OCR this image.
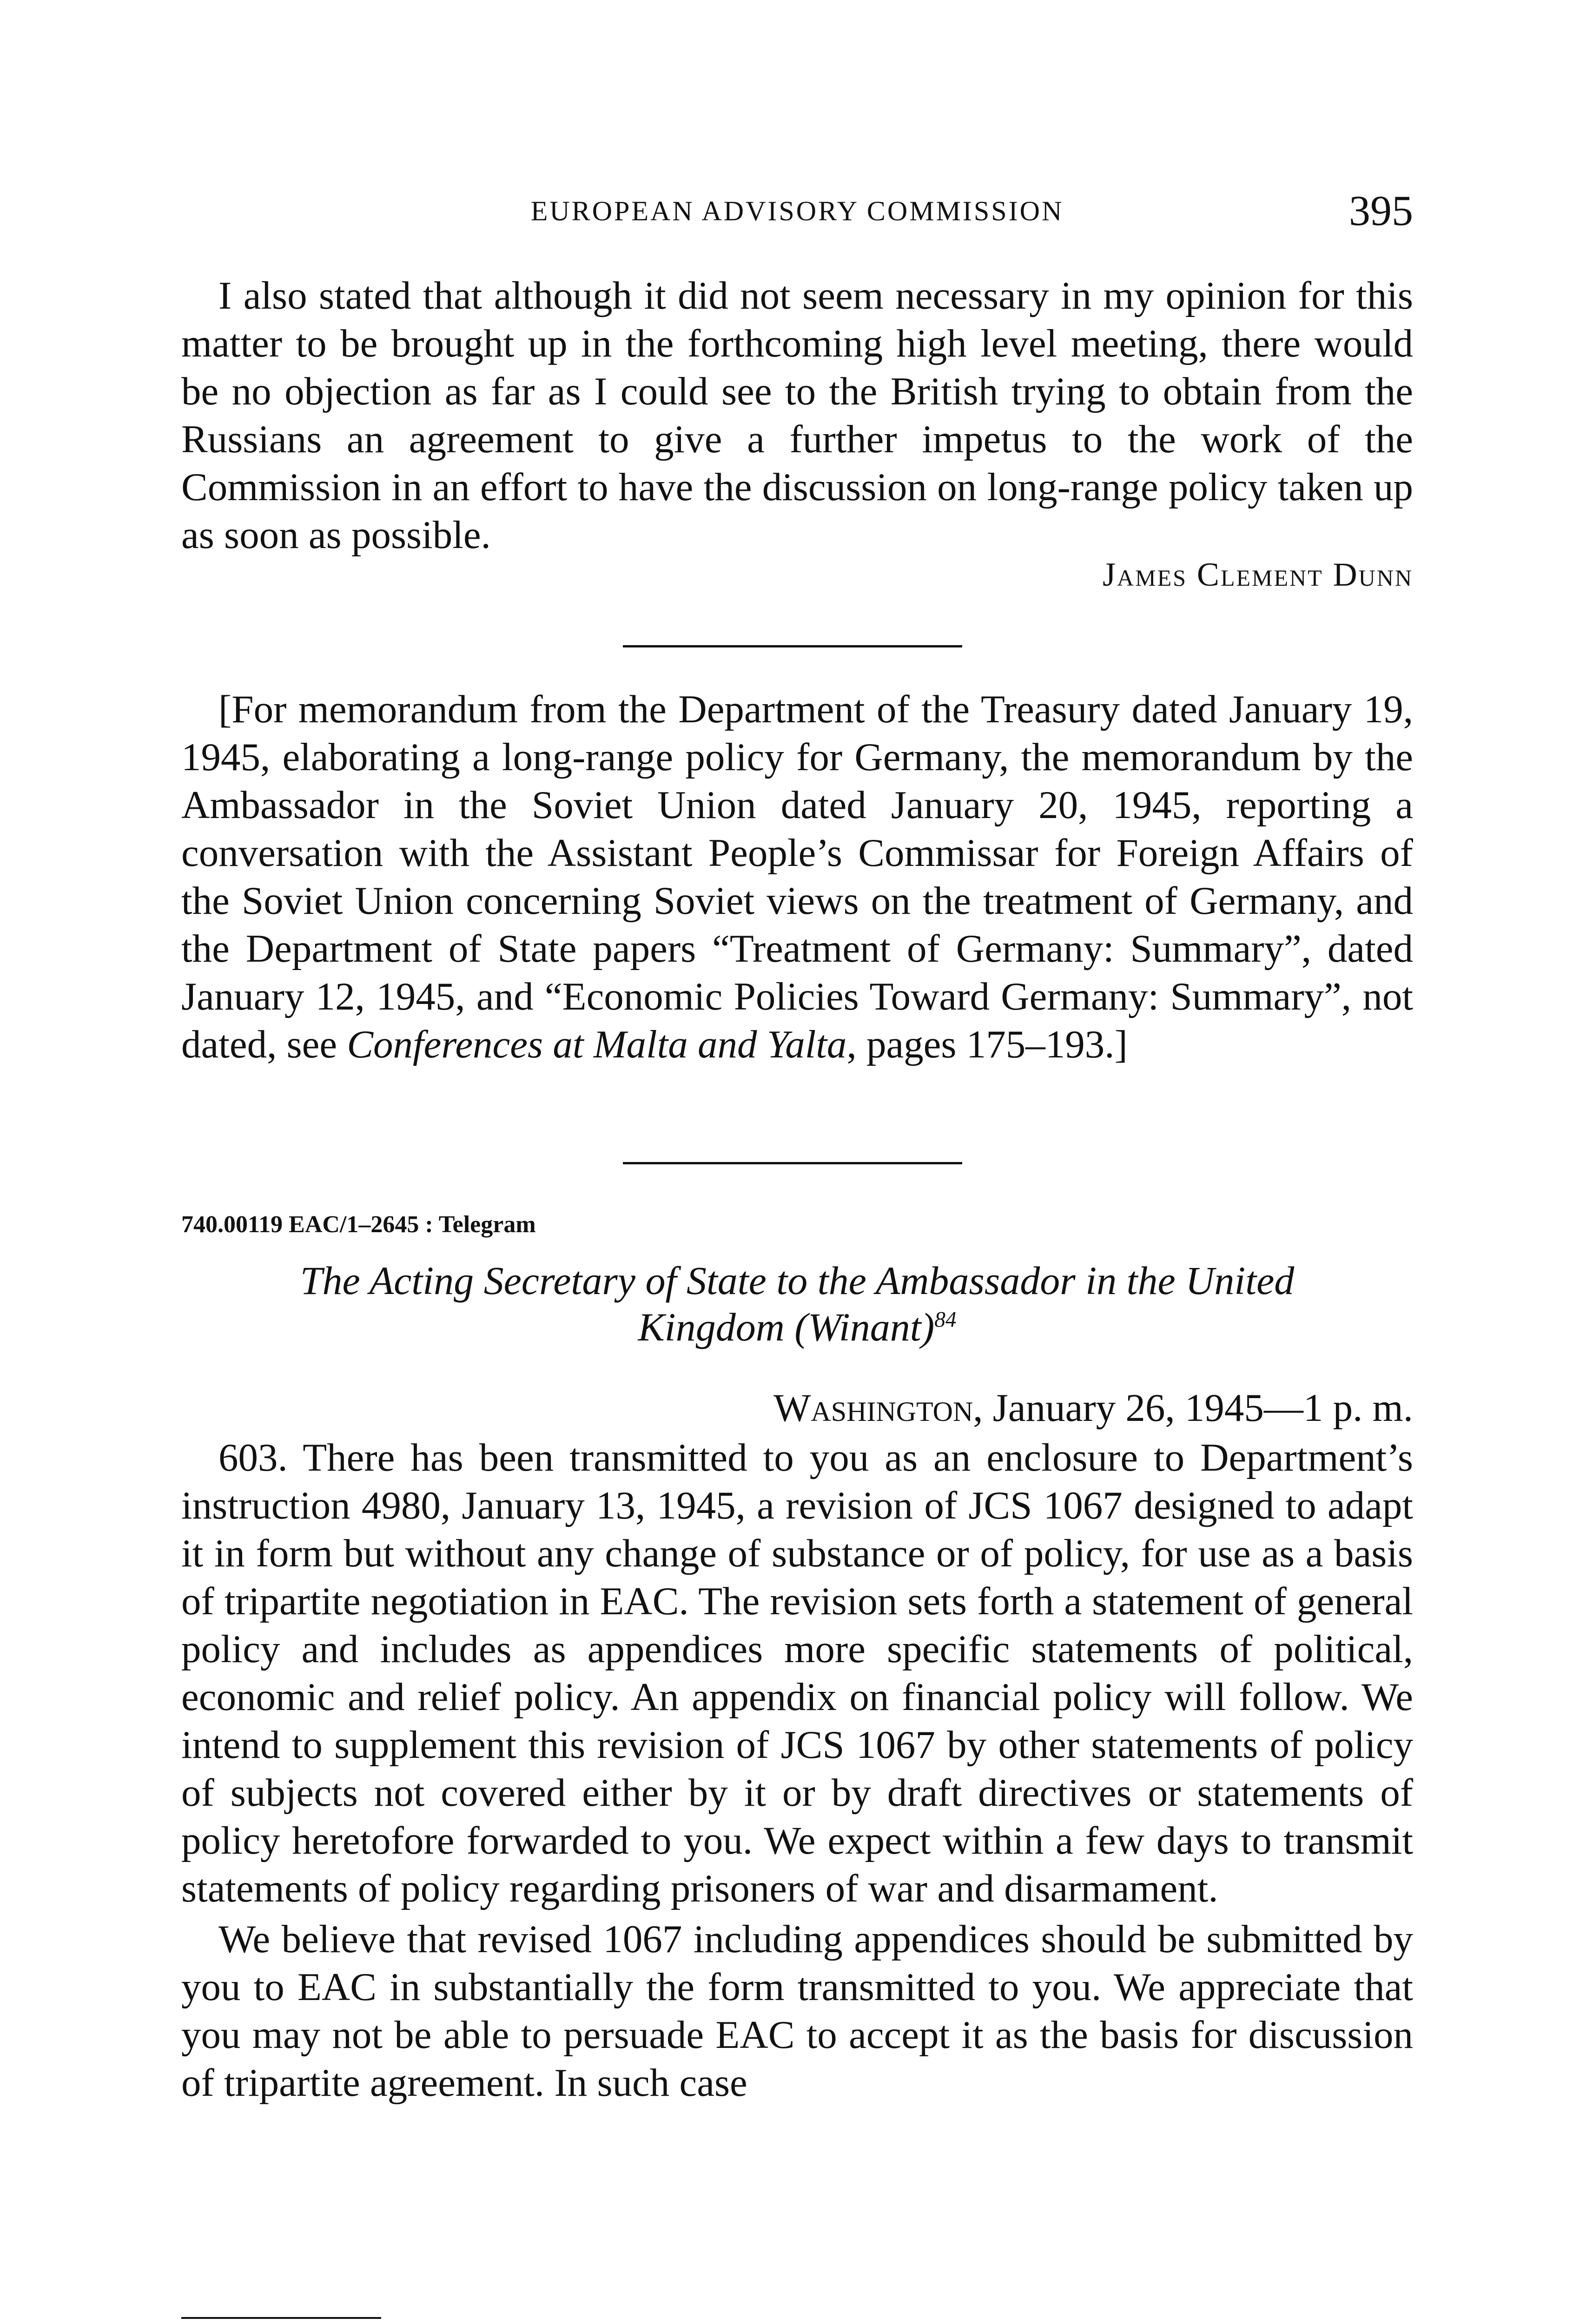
EUROPEAN ADVISORY COMMISSION	395

I also stated that although it did not seem necessary in my opinion for this matter to be brought up in the forthcoming high level meeting, there would be no objection as far as I could see to the British trying to obtain from the Russians an agreement to give a further impetus to the work of the Commission in an effort to have the discussion on long-range policy taken up as soon as possible.

James Clement Dunn

[For memorandum from the Department of the Treasury dated January 19, 1945, elaborating a long-range policy for Germany, the memorandum by the Ambassador in the Soviet Union dated January 20, 1945, reporting a conversation with the Assistant People’s Commissar for Foreign Affairs of the Soviet Union concerning Soviet views on the treatment of Germany, and the Department of State papers “Treatment of Germany: Summary”, dated January 12, 1945, and “Economic Policies Toward Germany: Summary”, not dated, see Conferences at Malta and Yalta, pages 175–193.]

740.00119 EAC/1–2645 : Telegram
The Acting Secretary of State to the Ambassador in the United
Kingdom (Winant)$^{84}$
Washington, January 26, 1945—1 p. m.

603. There has been transmitted to you as an enclosure to Department’s instruction 4980, January 13, 1945, a revision of JCS 1067 designed to adapt it in form but without any change of substance or of policy, for use as a basis of tripartite negotiation in EAC. The revision sets forth a statement of general policy and includes as appendices more specific statements of political, economic and relief policy. An appendix on financial policy will follow. We intend to supplement this revision of JCS 1067 by other statements of policy of subjects not covered either by it or by draft directives or statements of policy heretofore forwarded to you. We expect within a few days to transmit statements of policy regarding prisoners of war and disarmament.

We believe that revised 1067 including appendices should be submitted by you to EAC in substantially the form transmitted to you. We appreciate that you may not be able to persuade EAC to accept it as the basis for discussion of tripartite agreement. In such case
